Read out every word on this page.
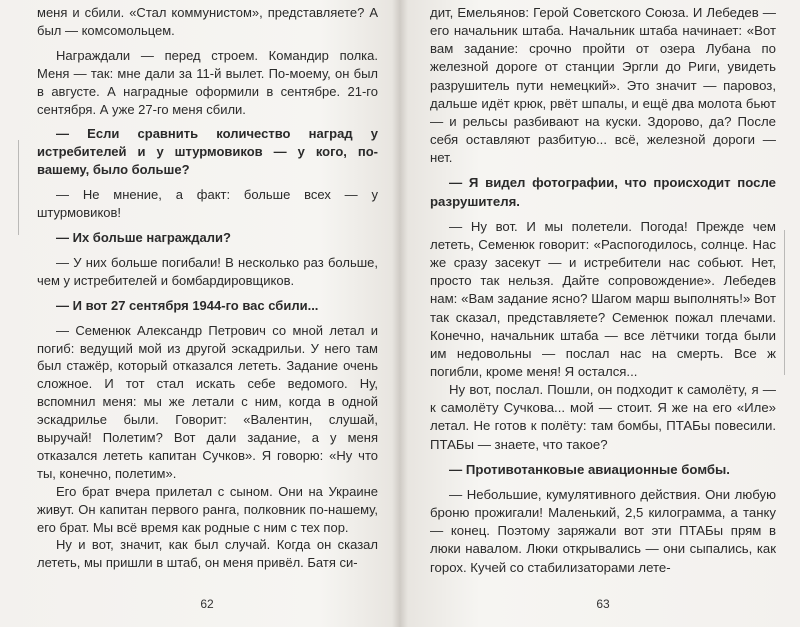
меня и сбили. «Стал коммунистом», представляете? А был — комсомольцем.

Награждали — перед строем. Командир полка. Меня — так: мне дали за 11-й вылет. По-моему, он был в августе. А наградные оформили в сентябре. 21-го сентября. А уже 27-го меня сбили.

— Если сравнить количество наград у истребителей и у штурмовиков — у кого, по-вашему, было больше?

— Не мнение, а факт: больше всех — у штурмовиков!

— Их больше награждали?

— У них больше погибали! В несколько раз больше, чем у истребителей и бомбардировщиков.

— И вот 27 сентября 1944-го вас сбили...

— Семенюк Александр Петрович со мной летал и погиб: ведущий мой из другой эскадрильи. У него там был стажёр, который отказался лететь. Задание очень сложное. И тот стал искать себе ведомого. Ну, вспомнил меня: мы же летали с ним, когда в одной эскадрилье были. Говорит: «Валентин, слушай, выручай! Полетим? Вот дали задание, а у меня отказался лететь капитан Сучков». Я говорю: «Ну что ты, конечно, полетим».

Его брат вчера прилетал с сыном. Они на Украине живут. Он капитан первого ранга, полковник по-нашему, его брат. Мы всё время как родные с ним с тех пор.

Ну и вот, значит, как был случай. Когда он сказал лететь, мы пришли в штаб, он меня привёл. Батя си-

62

дит, Емельянов: Герой Советского Союза. И Лебедев — его начальник штаба. Начальник штаба начинает: «Вот вам задание: срочно пройти от озера Лубана по железной дороге от станции Эргли до Риги, увидеть разрушитель пути немецкий». Это значит — паровоз, дальше идёт крюк, рвёт шпалы, и ещё два молота бьют — и рельсы разбивают на куски. Здорово, да? После себя оставляют разбитую... всё, железной дороги — нет.

— Я видел фотографии, что происходит после разрушителя.

— Ну вот. И мы полетели. Погода! Прежде чем лететь, Семенюк говорит: «Распогодилось, солнце. Нас же сразу засекут — и истребители нас собьют. Нет, просто так нельзя. Дайте сопровождение». Лебедев нам: «Вам задание ясно? Шагом марш выполнять!» Вот так сказал, представляете? Семенюк пожал плечами. Конечно, начальник штаба — все лётчики тогда были им недовольны — послал нас на смерть. Все ж погибли, кроме меня! Я остался...

Ну вот, послал. Пошли, он подходит к самолёту, я — к самолёту Сучкова... мой — стоит. Я же на его «Иле» летал. Не готов к полёту: там бомбы, ПТАБы повесили. ПТАБы — знаете, что такое?

— Противотанковые авиационные бомбы.

— Небольшие, кумулятивного действия. Они любую броню прожигали! Маленький, 2,5 килограмма, а танку — конец. Поэтому заряжали вот эти ПТАБы прям в люки навалом. Люки открывались — они сыпались, как горох. Кучей со стабилизаторами лете-

63
